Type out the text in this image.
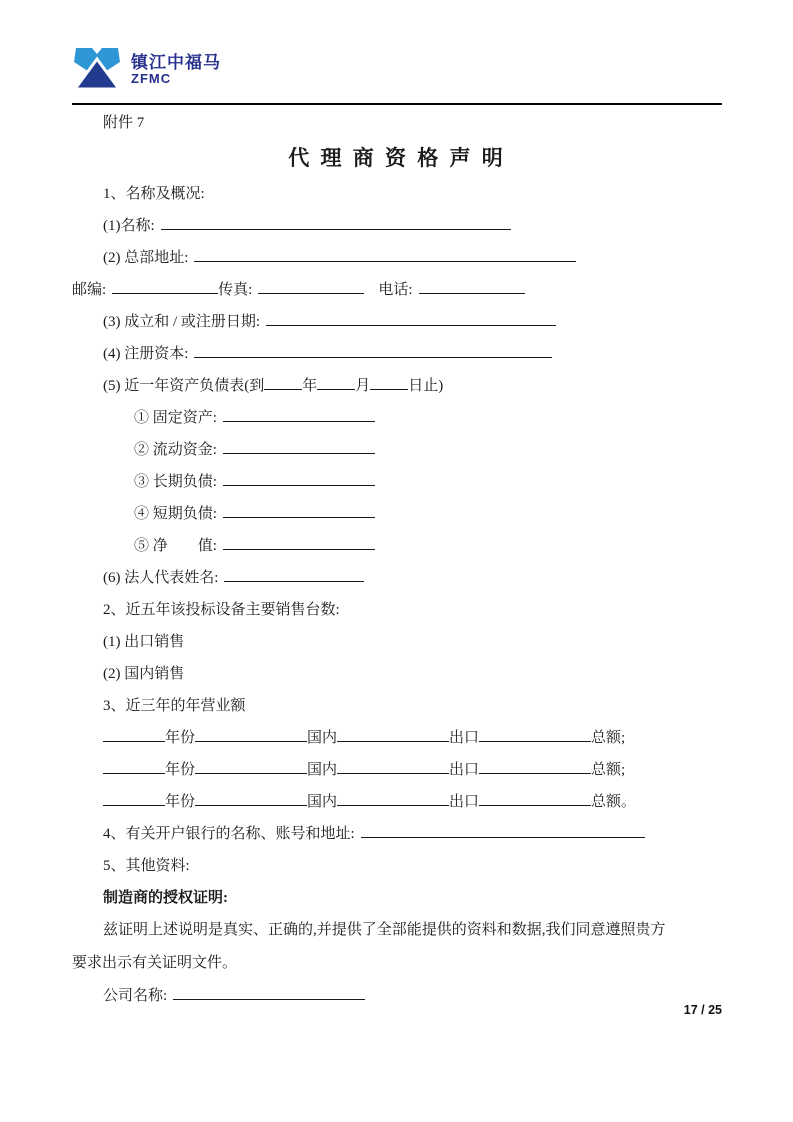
镇江中福马
ZFMC
附件 7
代 理 商 资 格 声 明
1、名称及概况:
(1)名称:
(2) 总部地址:
邮编:	传真:	电话:
(3) 成立和 / 或注册日期:
(4) 注册资本:
(5) 近一年资产负债表(到	年	月	日止)
① 固定资产:
② 流动资金:
③ 长期负债:
④ 短期负债:
⑤ 净　　值:
(6) 法人代表姓名:
2、近五年该投标设备主要销售台数:
(1) 出口销售
(2) 国内销售
3、近三年的年营业额
年份	国内	出口	总额;
年份	国内	出口	总额;
年份	国内	出口	总额。
4、有关开户银行的名称、账号和地址:
5、其他资料:
制造商的授权证明:
兹证明上述说明是真实、正确的,并提供了全部能提供的资料和数据,我们同意遵照贵方
要求出示有关证明文件。
公司名称:
17 / 25
